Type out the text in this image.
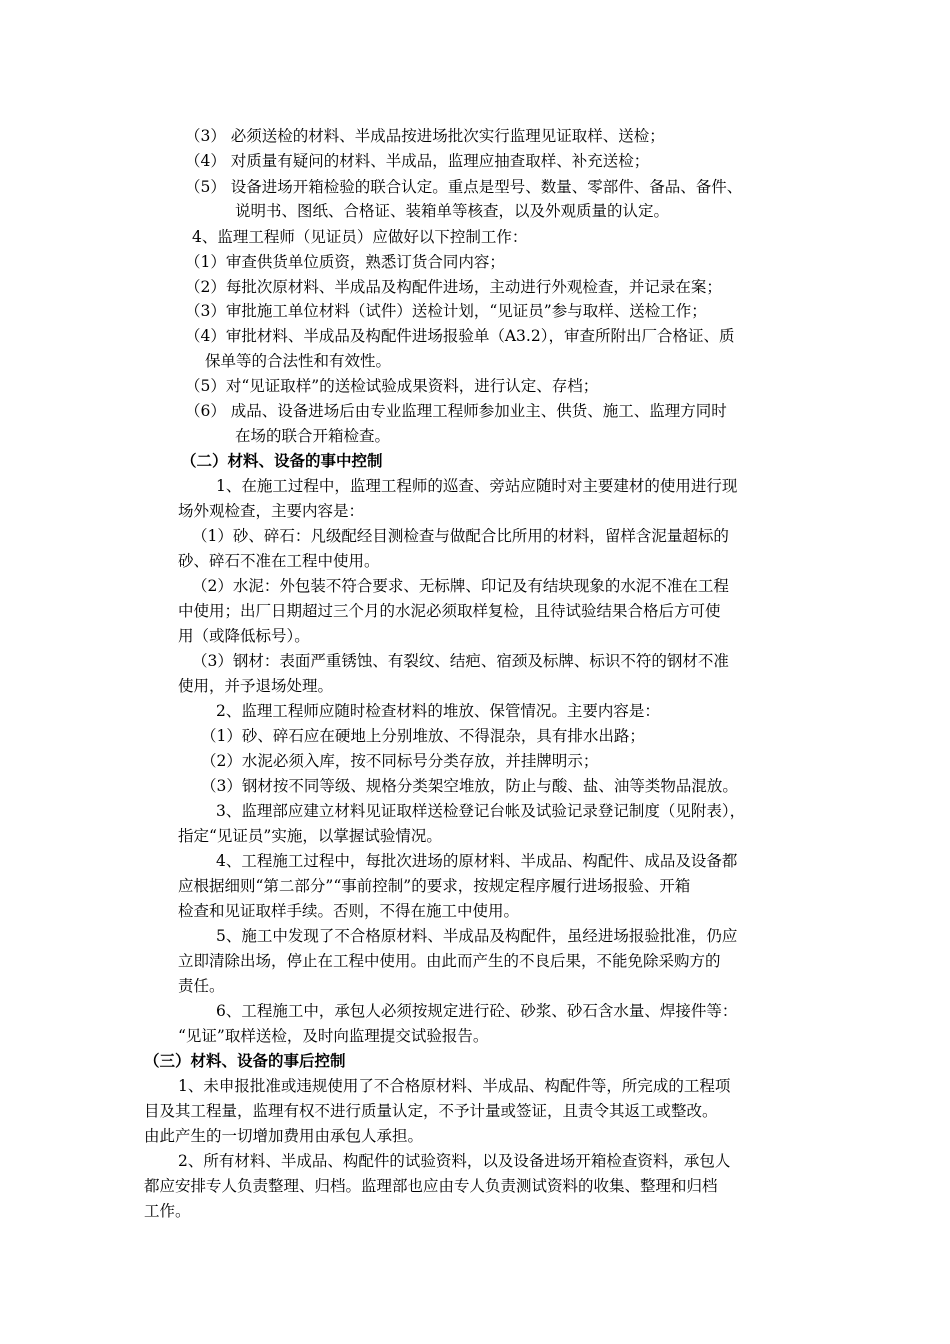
（3） 必须送检的材料、半成品按进场批次实行监理见证取样、送检；
（4） 对质量有疑问的材料、半成品，监理应抽查取样、补充送检；
（5） 设备进场开箱检验的联合认定。重点是型号、数量、零部件、备品、备件、
说明书、图纸、合格证、装箱单等核查，以及外观质量的认定。
4、监理工程师（见证员）应做好以下控制工作：
（1）审查供货单位质资，熟悉订货合同内容；
（2）每批次原材料、半成品及构配件进场，主动进行外观检查，并记录在案；
（3）审批施工单位材料（试件）送检计划，“见证员”参与取样、送检工作；
（4）审批材料、半成品及构配件进场报验单（A3.2），审查所附出厂合格证、质
保单等的合法性和有效性。
（5）对“见证取样”的送检试验成果资料，进行认定、存档；
（6） 成品、设备进场后由专业监理工程师参加业主、供货、施工、监理方同时
在场的联合开箱检查。
（二）材料、设备的事中控制
1、在施工过程中，监理工程师的巡查、旁站应随时对主要建材的使用进行现
场外观检查，主要内容是：
（1）砂、碎石：凡级配经目测检查与做配合比所用的材料，留样含泥量超标的
砂、碎石不准在工程中使用。
（2）水泥：外包装不符合要求、无标牌、印记及有结块现象的水泥不准在工程
中使用；出厂日期超过三个月的水泥必须取样复检，且待试验结果合格后方可使
用（或降低标号）。
（3）钢材：表面严重锈蚀、有裂纹、结疤、宿颈及标牌、标识不符的钢材不准
使用，并予退场处理。
2、监理工程师应随时检查材料的堆放、保管情况。主要内容是：
（1）砂、碎石应在硬地上分别堆放、不得混杂，具有排水出路；
（2）水泥必须入库，按不同标号分类存放，并挂牌明示；
（3）钢材按不同等级、规格分类架空堆放，防止与酸、盐、油等类物品混放。
3、监理部应建立材料见证取样送检登记台帐及试验记录登记制度（见附表），
指定“见证员”实施，以掌握试验情况。
4、工程施工过程中，每批次进场的原材料、半成品、构配件、成品及设备都
应根据细则“第二部分”“事前控制”的要求，按规定程序履行进场报验、开箱
检查和见证取样手续。否则，不得在施工中使用。
5、施工中发现了不合格原材料、半成品及构配件，虽经进场报验批准，仍应
立即清除出场，停止在工程中使用。由此而产生的不良后果，不能免除采购方的
责任。
6、工程施工中，承包人必须按规定进行砼、砂浆、砂石含水量、焊接件等：
“见证”取样送检，及时向监理提交试验报告。
（三）材料、设备的事后控制
1、未申报批准或违规使用了不合格原材料、半成品、构配件等，所完成的工程项
目及其工程量，监理有权不进行质量认定，不予计量或签证，且责令其返工或整改。
由此产生的一切增加费用由承包人承担。
2、所有材料、半成品、构配件的试验资料，以及设备进场开箱检查资料，承包人
都应安排专人负责整理、归档。监理部也应由专人负责测试资料的收集、整理和归档
工作。
